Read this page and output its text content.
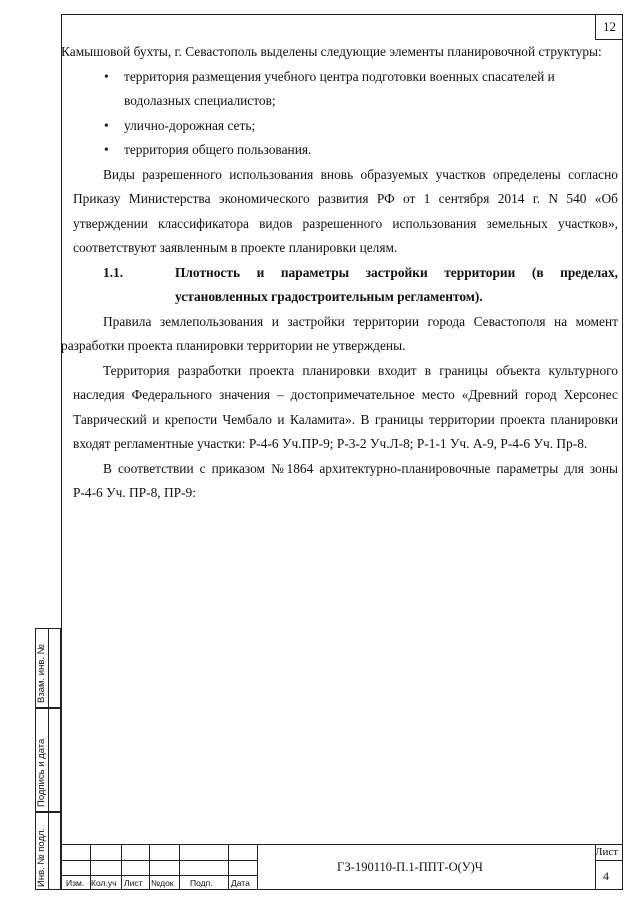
12

Камышовой бухты, г. Севастополь выделены следующие элементы планировочной структуры:

• территория размещения учебного центра подготовки военных спасателей и водолазных специалистов;
• улично-дорожная сеть;
• территория общего пользования.

Виды разрешенного использования вновь образуемых участков определены согласно Приказу Министерства экономического развития РФ от 1 сентября 2014 г. N 540 «Об утверждении классификатора видов разрешенного использования земельных участков», соответствуют заявленным в проекте планировки целям.

1.1.	Плотность и параметры застройки территории (в пределах, установленных градостроительным регламентом).

Правила землепользования и застройки территории города Севастополя на момент разработки проекта планировки территории не утверждены.

Территория разработки проекта планировки входит в границы объекта культурного наследия Федерального значения – достопримечательное место «Древний город Херсонес Таврический и крепости Чембало и Каламита». В границы территории проекта планировки входят регламентные участки: Р-4-6 Уч.ПР-9; Р-3-2 Уч.Л-8; Р-1-1 Уч. А-9, Р-4-6 Уч. Пр-8.

В соответствии с приказом №1864 архитектурно-планировочные параметры для зоны Р-4-6 Уч. ПР-8, ПР-9:

Взам. инв. №
Подпись и дата
Инв. № подл. Изм. Кол.уч Лист №док Подп. Дата
ГЗ-190110-П.1-ППТ-О(У)Ч
Лист
4
